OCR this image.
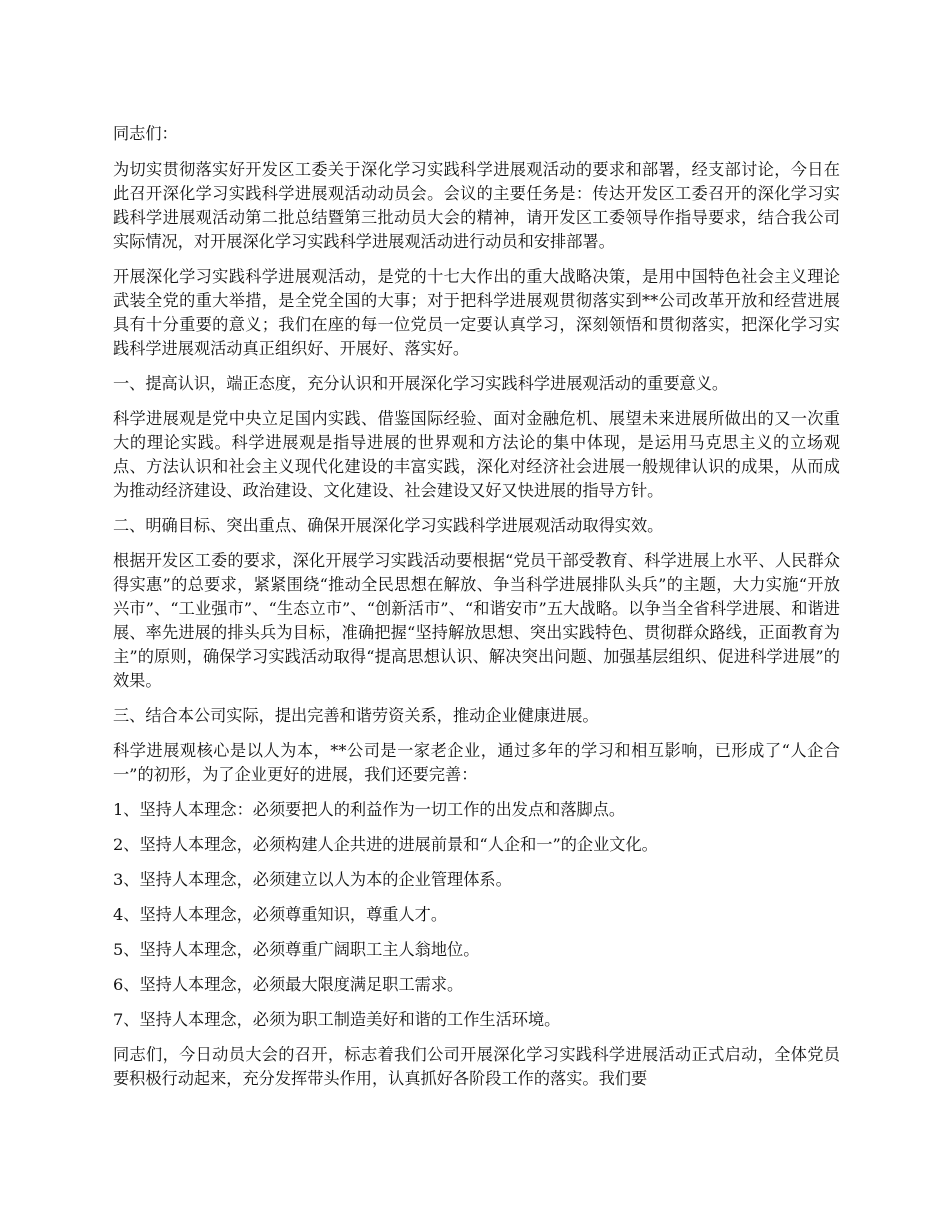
同志们：

为切实贯彻落实好开发区工委关于深化学习实践科学进展观活动的要求和部署，经支部讨论，今日在此召开深化学习实践科学进展观活动动员会。会议的主要任务是：传达开发区工委召开的深化学习实践科学进展观活动第二批总结暨第三批动员大会的精神，请开发区工委领导作指导要求，结合我公司实际情况，对开展深化学习实践科学进展观活动进行动员和安排部署。

开展深化学习实践科学进展观活动，是党的十七大作出的重大战略决策，是用中国特色社会主义理论武装全党的重大举措，是全党全国的大事；对于把科学进展观贯彻落实到**公司改革开放和经营进展具有十分重要的意义；我们在座的每一位党员一定要认真学习，深刻领悟和贯彻落实，把深化学习实践科学进展观活动真正组织好、开展好、落实好。

一、提高认识，端正态度，充分认识和开展深化学习实践科学进展观活动的重要意义。

科学进展观是党中央立足国内实践、借鉴国际经验、面对金融危机、展望未来进展所做出的又一次重大的理论实践。科学进展观是指导进展的世界观和方法论的集中体现，是运用马克思主义的立场观点、方法认识和社会主义现代化建设的丰富实践，深化对经济社会进展一般规律认识的成果，从而成为推动经济建设、政治建设、文化建设、社会建设又好又快进展的指导方针。

二、明确目标、突出重点、确保开展深化学习实践科学进展观活动取得实效。

根据开发区工委的要求，深化开展学习实践活动要根据“党员干部受教育、科学进展上水平、人民群众得实惠”的总要求，紧紧围绕“推动全民思想在解放、争当科学进展排队头兵”的主题，大力实施“开放兴市”、“工业强市”、“生态立市”、“创新活市”、“和谐安市”五大战略。以争当全省科学进展、和谐进展、率先进展的排头兵为目标，准确把握“坚持解放思想、突出实践特色、贯彻群众路线，正面教育为主”的原则，确保学习实践活动取得“提高思想认识、解决突出问题、加强基层组织、促进科学进展”的效果。

三、结合本公司实际，提出完善和谐劳资关系，推动企业健康进展。

科学进展观核心是以人为本，**公司是一家老企业，通过多年的学习和相互影响，已形成了“人企合一”的初形，为了企业更好的进展，我们还要完善：

1、坚持人本理念：必须要把人的利益作为一切工作的出发点和落脚点。

2、坚持人本理念，必须构建人企共进的进展前景和“人企和一”的企业文化。

3、坚持人本理念，必须建立以人为本的企业管理体系。

4、坚持人本理念，必须尊重知识，尊重人才。

5、坚持人本理念，必须尊重广阔职工主人翁地位。

6、坚持人本理念，必须最大限度满足职工需求。

7、坚持人本理念，必须为职工制造美好和谐的工作生活环境。

同志们，今日动员大会的召开，标志着我们公司开展深化学习实践科学进展活动正式启动，全体党员要积极行动起来，充分发挥带头作用，认真抓好各阶段工作的落实。我们要
